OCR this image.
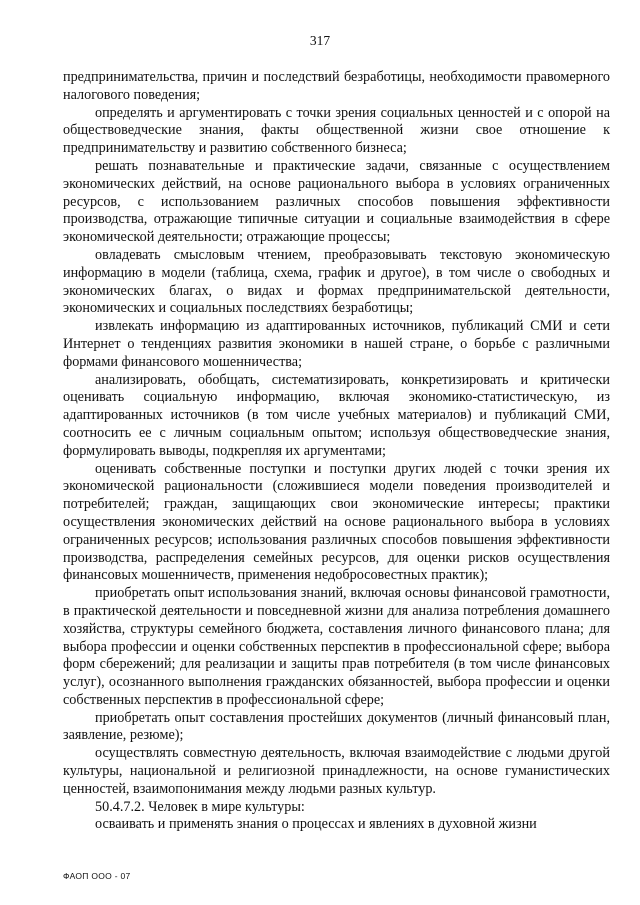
317

предпринимательства, причин и последствий безработицы, необходимости правомерного налогового поведения;

определять и аргументировать с точки зрения социальных ценностей и с опорой на обществоведческие знания, факты общественной жизни свое отношение к предпринимательству и развитию собственного бизнеса;

решать познавательные и практические задачи, связанные с осуществлением экономических действий, на основе рационального выбора в условиях ограниченных ресурсов, с использованием различных способов повышения эффективности производства, отражающие типичные ситуации и социальные взаимодействия в сфере экономической деятельности; отражающие процессы;

овладевать смысловым чтением, преобразовывать текстовую экономическую информацию в модели (таблица, схема, график и другое), в том числе о свободных и экономических благах, о видах и формах предпринимательской деятельности, экономических и социальных последствиях безработицы;

извлекать информацию из адаптированных источников, публикаций СМИ и сети Интернет о тенденциях развития экономики в нашей стране, о борьбе с различными формами финансового мошенничества;

анализировать, обобщать, систематизировать, конкретизировать и критически оценивать социальную информацию, включая экономико-статистическую, из адаптированных источников (в том числе учебных материалов) и публикаций СМИ, соотносить ее с личным социальным опытом; используя обществоведческие знания, формулировать выводы, подкрепляя их аргументами;

оценивать собственные поступки и поступки других людей с точки зрения их экономической рациональности (сложившиеся модели поведения производителей и потребителей; граждан, защищающих свои экономические интересы; практики осуществления экономических действий на основе рационального выбора в условиях ограниченных ресурсов; использования различных способов повышения эффективности производства, распределения семейных ресурсов, для оценки рисков осуществления финансовых мошенничеств, применения недобросовестных практик);

приобретать опыт использования знаний, включая основы финансовой грамотности, в практической деятельности и повседневной жизни для анализа потребления домашнего хозяйства, структуры семейного бюджета, составления личного финансового плана; для выбора профессии и оценки собственных перспектив в профессиональной сфере; выбора форм сбережений; для реализации и защиты прав потребителя (в том числе финансовых услуг), осознанного выполнения гражданских обязанностей, выбора профессии и оценки собственных перспектив в профессиональной сфере;

приобретать опыт составления простейших документов (личный финансовый план, заявление, резюме);

осуществлять совместную деятельность, включая взаимодействие с людьми другой культуры, национальной и религиозной принадлежности, на основе гуманистических ценностей, взаимопонимания между людьми разных культур.

50.4.7.2. Человек в мире культуры:

осваивать и применять знания о процессах и явлениях в духовной жизни

ФАОП ООО - 07
